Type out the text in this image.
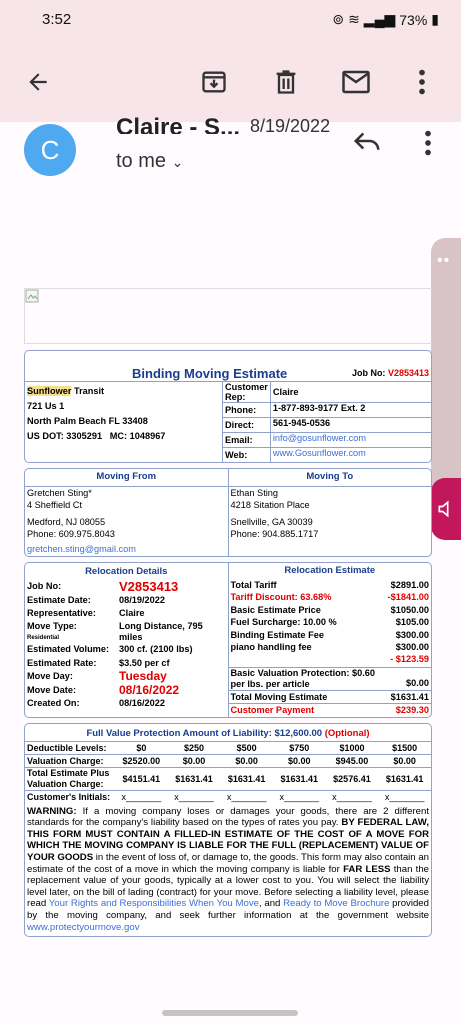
3:52	⊚ ≋ ▂▄▆ 73% ▮
C
Claire - S... 8/19/2022
to me ⌄
••
Binding Moving Estimate	Job No: V2853413
Sunflower Transit
721 Us 1
North Palm Beach FL 33408
US DOT: 3305291 MC: 1048967
Customer Rep:	Claire
Phone:	1-877-893-9177 Ext. 2
Direct:	561-945-0536
Email:	info@gosunflower.com
Web:	www.Gosunflower.com
Moving From
Gretchen Sting*
4 Sheffield Ct
Medford, NJ 08055
Phone: 609.975.8043
gretchen.sting@gmail.com
Moving To
Ethan Sting
4218 Sitation Place
Snellville, GA 30039
Phone: 904.885.1717
Relocation Details
Job No:	V2853413
Estimate Date:	08/19/2022
Representative:	Claire
Move Type:
Residential	Long Distance, 795 miles
Estimated Volume:	300 cf. (2100 lbs)
Estimated Rate:	$3.50 per cf
Move Day:	Tuesday
Move Date:	08/16/2022
Created On:	08/16/2022
Relocation Estimate
Total Tariff	$2891.00
Tariff Discount: 63.68%	-$1841.00
Basic Estimate Price	$1050.00
Fuel Surcharge: 10.00 %	$105.00
Binding Estimate Fee	$300.00
piano handling fee	$300.00
	- $123.59
Basic Valuation Protection: $0.60 per lbs. per article	$0.00
Total Moving Estimate	$1631.41
Customer Payment	$239.30
Full Value Protection Amount of Liability: $12,600.00 (Optional)
Deductible Levels:	$0	$250	$500	$750	$1000	$1500
Valuation Charge:	$2520.00	$0.00	$0.00	$0.00	$945.00	$0.00
Total Estimate Plus Valuation Charge:	$4151.41	$1631.41	$1631.41	$1631.41	$2576.41	$1631.41
Customer's Initials:	x_______	x_______	x_______	x_______	x_______	x_______
WARNING: If a moving company loses or damages your goods, there are 2 different standards for the company's liability based on the types of rates you pay. BY FEDERAL LAW, THIS FORM MUST CONTAIN A FILLED-IN ESTIMATE OF THE COST OF A MOVE FOR WHICH THE MOVING COMPANY IS LIABLE FOR THE FULL (REPLACEMENT) VALUE OF YOUR GOODS in the event of loss of, or damage to, the goods. This form may also contain an estimate of the cost of a move in which the moving company is liable for FAR LESS than the replacement value of your goods, typically at a lower cost to you. You will select the liability level later, on the bill of lading (contract) for your move. Before selecting a liability level, please read Your Rights and Responsibilities When You Move, and Ready to Move Brochure provided by the moving company, and seek further information at the government website www.protectyourmove.gov
